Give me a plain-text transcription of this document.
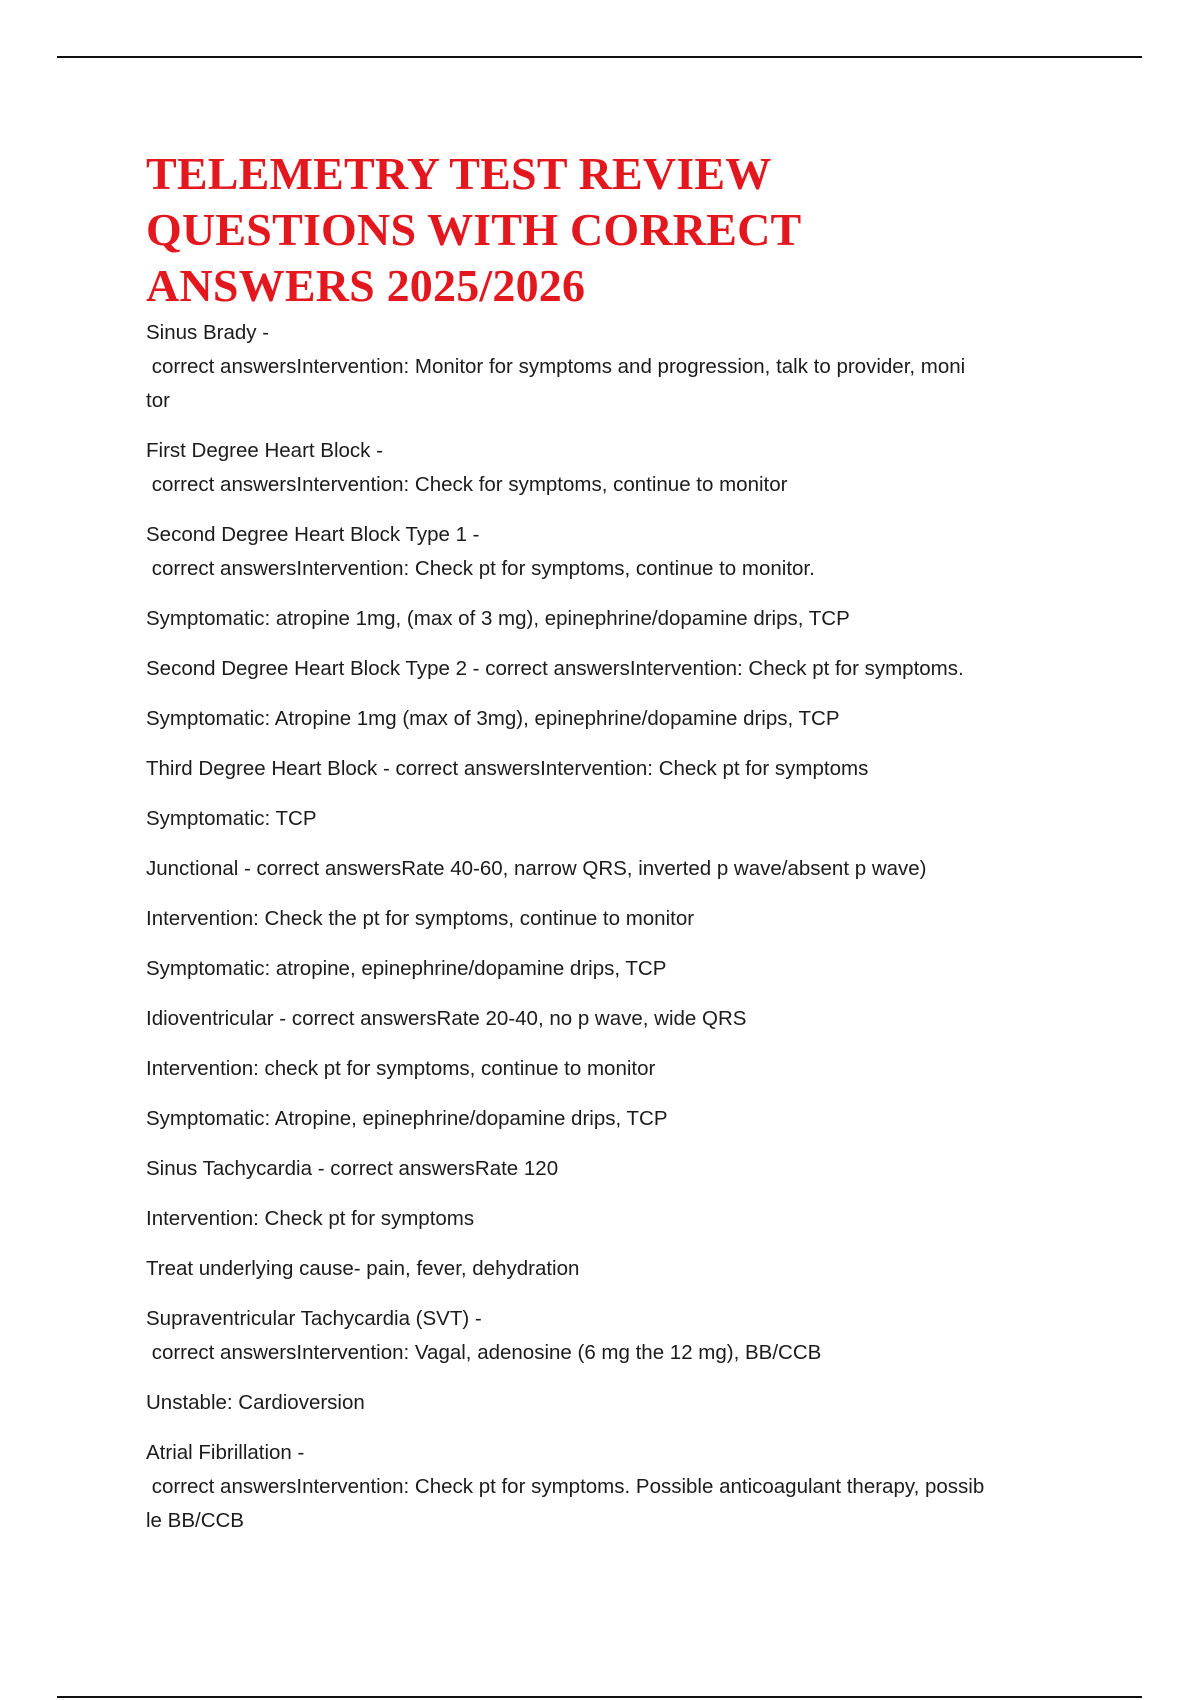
TELEMETRY TEST REVIEW
QUESTIONS WITH CORRECT
ANSWERS 2025/2026

Sinus Brady -
correct answersIntervention: Monitor for symptoms and progression, talk to provider, moni
tor

First Degree Heart Block -
correct answersIntervention: Check for symptoms, continue to monitor

Second Degree Heart Block Type 1 -
correct answersIntervention: Check pt for symptoms, continue to monitor.

Symptomatic: atropine 1mg, (max of 3 mg), epinephrine/dopamine drips, TCP

Second Degree Heart Block Type 2 - correct answersIntervention: Check pt for symptoms.

Symptomatic: Atropine 1mg (max of 3mg), epinephrine/dopamine drips, TCP

Third Degree Heart Block - correct answersIntervention: Check pt for symptoms

Symptomatic: TCP

Junctional - correct answersRate 40-60, narrow QRS, inverted p wave/absent p wave)

Intervention: Check the pt for symptoms, continue to monitor

Symptomatic: atropine, epinephrine/dopamine drips, TCP

Idioventricular - correct answersRate 20-40, no p wave, wide QRS

Intervention: check pt for symptoms, continue to monitor

Symptomatic: Atropine, epinephrine/dopamine drips, TCP

Sinus Tachycardia - correct answersRate 120

Intervention: Check pt for symptoms

Treat underlying cause- pain, fever, dehydration

Supraventricular Tachycardia (SVT) -
correct answersIntervention: Vagal, adenosine (6 mg the 12 mg), BB/CCB

Unstable: Cardioversion

Atrial Fibrillation -
correct answersIntervention: Check pt for symptoms. Possible anticoagulant therapy, possib
le BB/CCB
